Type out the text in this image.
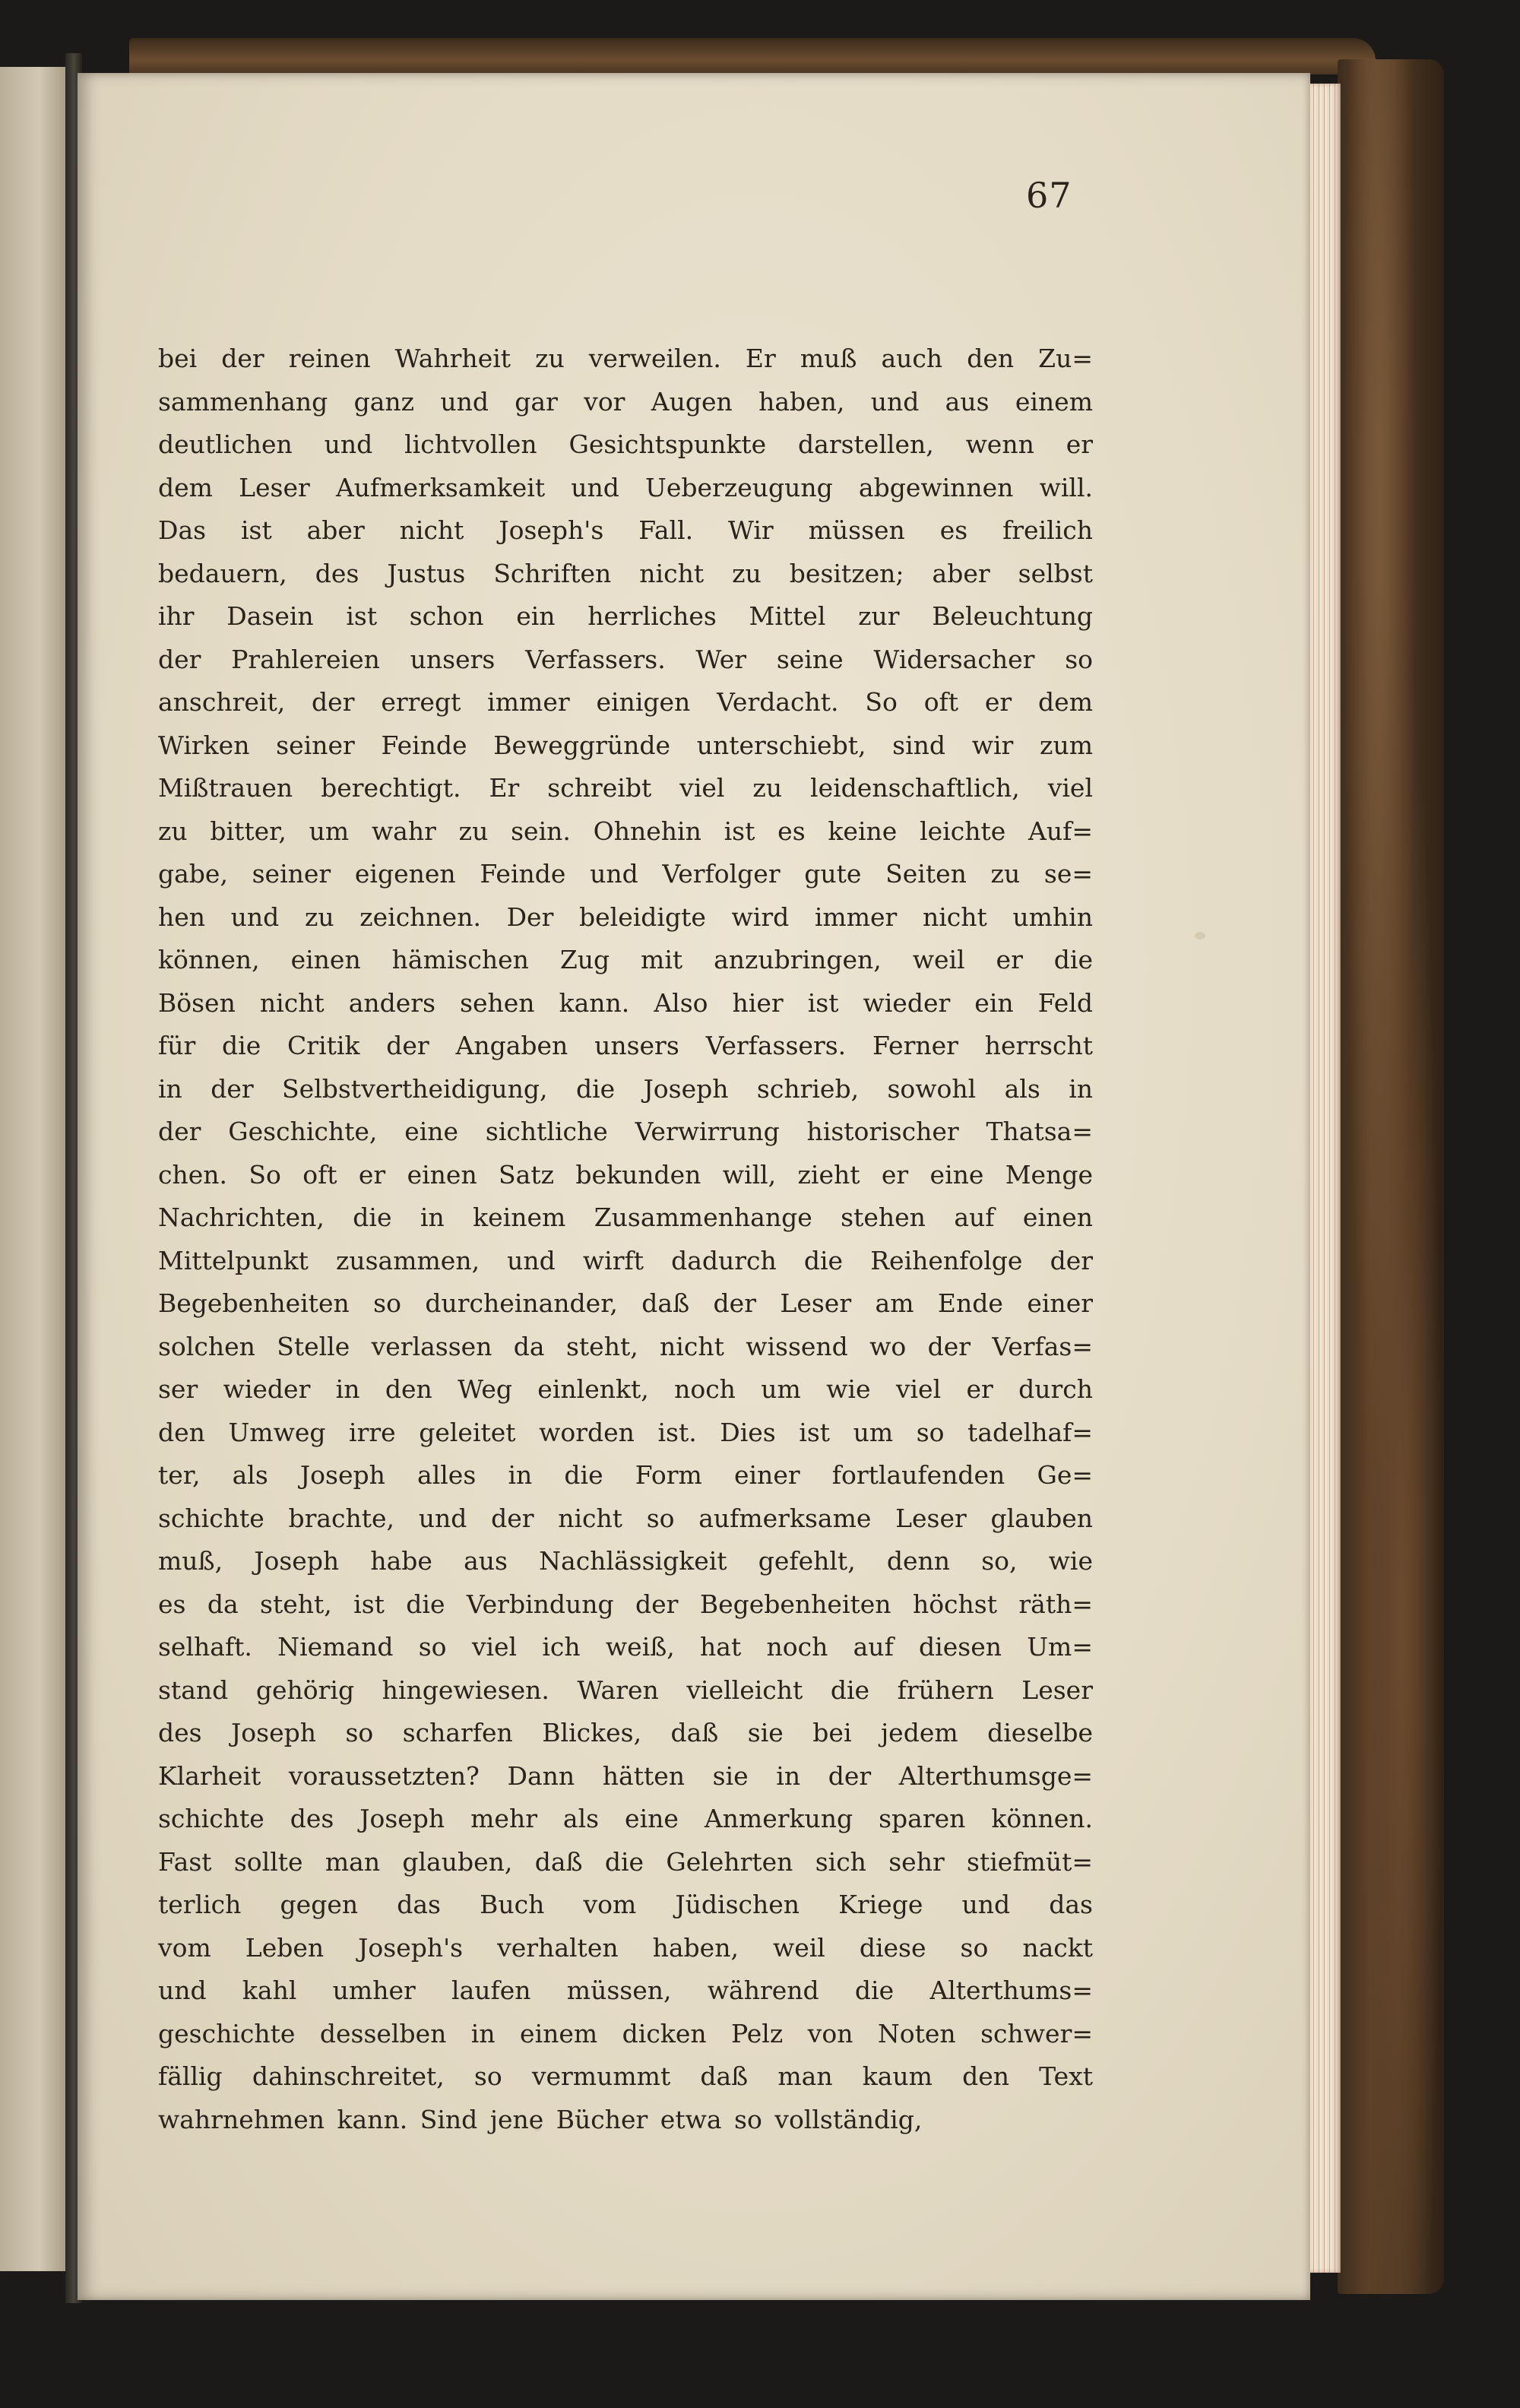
67
bei der reinen Wahrheit zu verweilen. Er muß auch den Zu=
sammenhang ganz und gar vor Augen haben, und aus einem
deutlichen und lichtvollen Gesichtspunkte darstellen, wenn er
dem Leser Aufmerksamkeit und Ueberzeugung abgewinnen will.
Das ist aber nicht Joseph's Fall. Wir müssen es freilich
bedauern, des Justus Schriften nicht zu besitzen; aber selbst
ihr Dasein ist schon ein herrliches Mittel zur Beleuchtung
der Prahlereien unsers Verfassers. Wer seine Widersacher so
anschreit, der erregt immer einigen Verdacht. So oft er dem
Wirken seiner Feinde Beweggründe unterschiebt, sind wir zum
Mißtrauen berechtigt. Er schreibt viel zu leidenschaftlich, viel
zu bitter, um wahr zu sein. Ohnehin ist es keine leichte Auf=
gabe, seiner eigenen Feinde und Verfolger gute Seiten zu se=
hen und zu zeichnen. Der beleidigte wird immer nicht umhin
können, einen hämischen Zug mit anzubringen, weil er die
Bösen nicht anders sehen kann. Also hier ist wieder ein Feld
für die Critik der Angaben unsers Verfassers. Ferner herrscht
in der Selbstvertheidigung, die Joseph schrieb, sowohl als in
der Geschichte, eine sichtliche Verwirrung historischer Thatsa=
chen. So oft er einen Satz bekunden will, zieht er eine Menge
Nachrichten, die in keinem Zusammenhange stehen auf einen
Mittelpunkt zusammen, und wirft dadurch die Reihenfolge der
Begebenheiten so durcheinander, daß der Leser am Ende einer
solchen Stelle verlassen da steht, nicht wissend wo der Verfas=
ser wieder in den Weg einlenkt, noch um wie viel er durch
den Umweg irre geleitet worden ist. Dies ist um so tadelhaf=
ter, als Joseph alles in die Form einer fortlaufenden Ge=
schichte brachte, und der nicht so aufmerksame Leser glauben
muß, Joseph habe aus Nachlässigkeit gefehlt, denn so, wie
es da steht, ist die Verbindung der Begebenheiten höchst räth=
selhaft. Niemand so viel ich weiß, hat noch auf diesen Um=
stand gehörig hingewiesen. Waren vielleicht die frühern Leser
des Joseph so scharfen Blickes, daß sie bei jedem dieselbe
Klarheit voraussetzten? Dann hätten sie in der Alterthumsge=
schichte des Joseph mehr als eine Anmerkung sparen können.
Fast sollte man glauben, daß die Gelehrten sich sehr stiefmüt=
terlich gegen das Buch vom Jüdischen Kriege und das
vom Leben Joseph's verhalten haben, weil diese so nackt
und kahl umher laufen müssen, während die Alterthums=
geschichte desselben in einem dicken Pelz von Noten schwer=
fällig dahinschreitet, so vermummt daß man kaum den Text
wahrnehmen kann. Sind jene Bücher etwa so vollständig,
